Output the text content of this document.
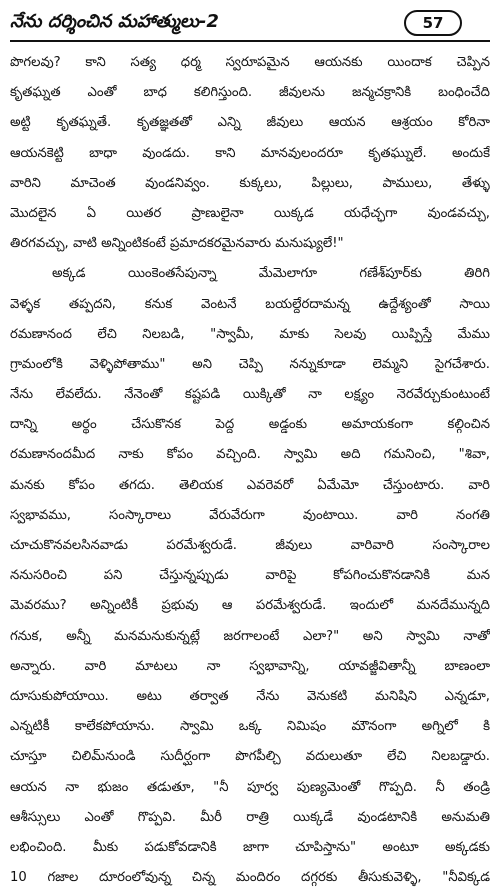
నేను దర్శించిన మహాత్ములు-2	57
పొగలవు? కాని సత్య ధర్మ స్వరూపమైన ఆయనకు యిందాక చెప్పిన
కృతఘ్నత ఎంతో బాధ కలిగిస్తుంది. జీవులను జన్మచక్రానికి బంధించేది
అట్టి కృతఘ్నతే. కృతజ్ఞతతో ఎన్ని జీవులు ఆయన ఆశ్రయం కోరినా
ఆయనకెట్టి బాధా వుండదు. కాని మానవులందరూ కృతఘ్నులే. అందుకే
వారిని మాచెంత వుండనివ్వం. కుక్కలు, పిల్లులు, పాములు, తేళ్ళు
మొదలైన ఏ యితర ప్రాణులైనా యిక్కడ యధేచ్ఛగా వుండవచ్చు,
తిరగవచ్చు, వాటి అన్నింటికంటే ప్రమాదకరమైనవారు మనుష్యులే!"
అక్కడ యింకెంతసేపున్నా మేమెలాగూ గణేశ్‌పూర్‌కు తిరిగి
వెళ్ళక తప్పదని, కనుక వెంటనే బయల్దేరదామన్న ఉద్దేశ్యంతో సాయి
రమణానంద లేచి నిలబడి, "స్వామీ, మాకు సెలవు యిప్పిస్తే మేము
గ్రామంలోకి వెళ్ళిపోతాము" అని చెప్పి నన్నుకూడా లెమ్మని సైగచేశారు.
నేను లేవలేదు. నేనెంతో కష్టపడి యిక్కితో నా లక్ష్యం నెరవేర్చుకుంటుంటే
దాన్ని అర్థం చేసుకొనక పెద్ద అడ్డంకు అమాయకంగా కల్గించిన
రమణానందమీద నాకు కోపం వచ్చింది. స్వామి అది గమనించి, "శివా,
మనకు కోపం తగదు. తెలియక ఎవరెవరో ఏమేమో చేస్తుంటారు. వారి
స్వభావము, సంస్కారాలు వేరువేరుగా వుంటాయి. వారి నంగతి
చూచుకొనవలసినవాడు పరమేశ్వరుడే. జీవులు వారివారి సంస్కారాల
ననుసరించి పని చేస్తున్నప్పుడు వారిపై కోపగించుకొనడానికి మన
మెవరము? అన్నింటికీ ప్రభువు ఆ పరమేశ్వరుడే. ఇందులో మనదేమున్నది
గనుక, అన్నీ మనమనుకున్నట్లే జరగాలంటే ఎలా?" అని స్వామి నాతో
అన్నారు. వారి మాటలు నా స్వభావాన్ని, యావజ్జీవితాన్నీ బాణంలా
దూసుకుపోయాయి. అటు తర్వాత నేను వెనుకటి మనిషిని ఎన్నడూ,
ఎన్నటికీ కాలేకపోయాను. స్వామి ఒక్క నిమిషం మౌనంగా అగ్నిలో కి
చూస్తూ చిలిమ్‌నుండి సుదీర్ఘంగా పొగపీల్చి వదులుతూ లేచి నిలబడ్డారు.
ఆయన నా భుజం తడుతూ, "నీ పూర్వ పుణ్యమెంతో గొప్పది. నీ తండ్రి
ఆశీస్సులు ఎంతో గొప్పవి. మీరీ రాత్రి యిక్కడే వుండటానికి అనుమతి
లభించింది. మీకు పడుకోవడానికి జాగా చూపిస్తాను" అంటూ అక్కడకు
10 గజాల దూరంలోవున్న చిన్న మందిరం దగ్గరకు తీసుకువెళ్ళి, "నీవిక్కడ
